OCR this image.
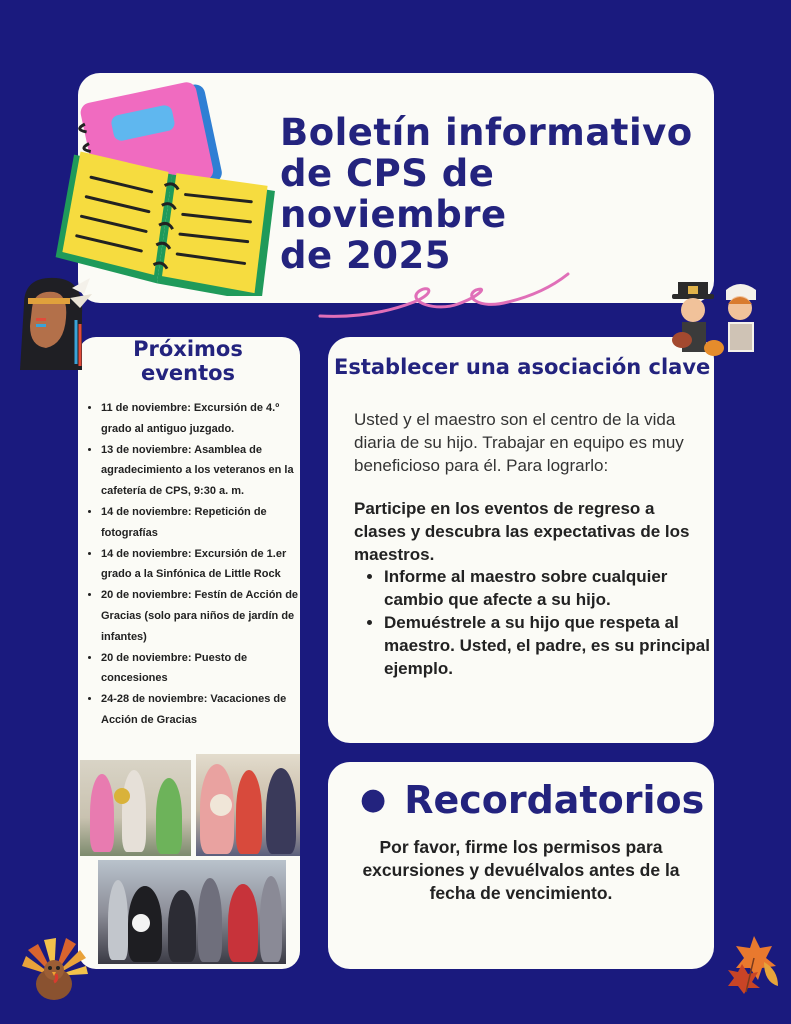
Boletín informativo
de CPS de noviembre
de 2025
Próximos eventos
• 11 de noviembre: Excursión de 4.º grado al antiguo juzgado.
• 13 de noviembre: Asamblea de agradecimiento a los veteranos en la cafetería de CPS, 9:30 a. m.
• 14 de noviembre: Repetición de fotografías
• 14 de noviembre: Excursión de 1.er grado a la Sinfónica de Little Rock
• 20 de noviembre: Festín de Acción de Gracias (solo para niños de jardín de infantes)
• 20 de noviembre: Puesto de concesiones
• 24-28 de noviembre: Vacaciones de Acción de Gracias
Establecer una asociación clave
Usted y el maestro son el centro de la vida diaria de su hijo. Trabajar en equipo es muy beneficioso para él. Para lograrlo:
Participe en los eventos de regreso a clases y descubra las expectativas de los maestros.
• Informe al maestro sobre cualquier cambio que afecte a su hijo.
• Demuéstrele a su hijo que respeta al maestro. Usted, el padre, es su principal ejemplo.
● Recordatorios
Por favor, firme los permisos para excursiones y devuélvalos antes de la fecha de vencimiento.
